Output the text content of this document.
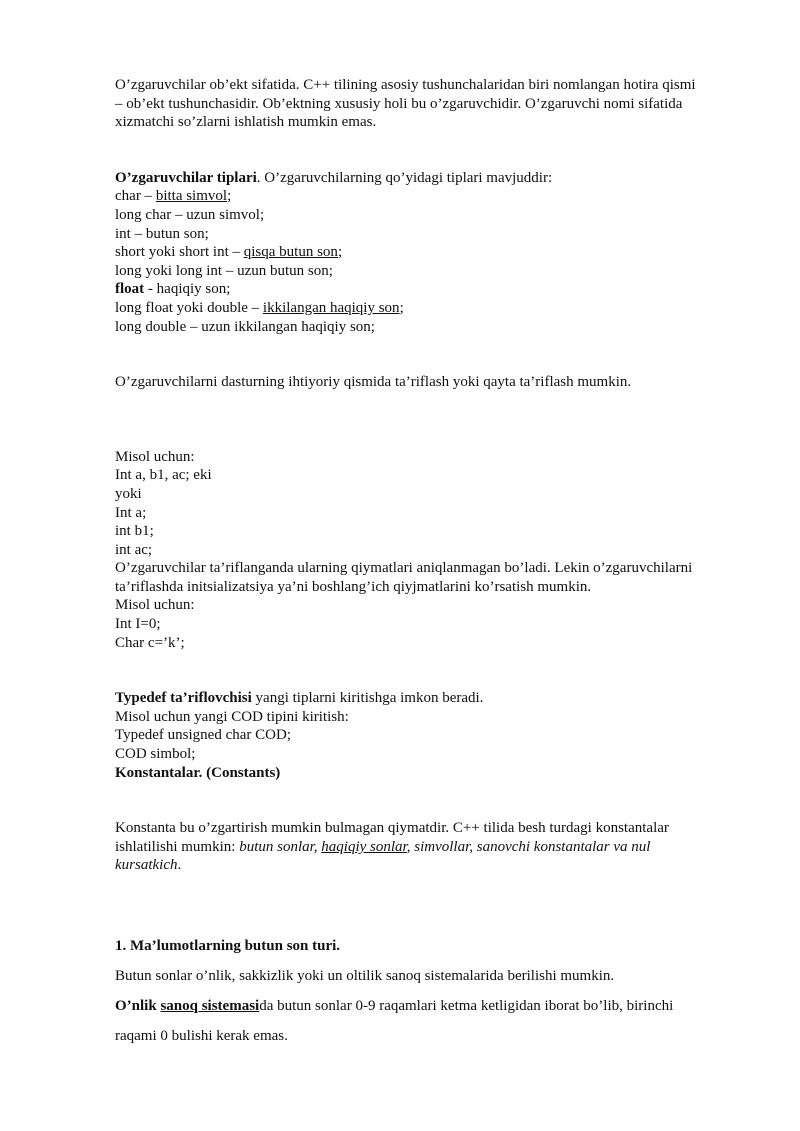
O’zgaruvchilar ob’ekt sifatida. C++ tilining asosiy tushunchalaridan biri nomlangan hotira qismi
– ob’ekt tushunchasidir. Ob’ektning xususiy holi bu o’zgaruvchidir. O’zgaruvchi nomi sifatida
xizmatchi so’zlarni ishlatish mumkin emas.
O’zgaruvchilar tiplari. O’zgaruvchilarning qo’yidagi tiplari mavjuddir:
char – bitta simvol;
long char – uzun simvol;
int – butun son;
short yoki short int – qisqa butun son;
long yoki long int – uzun butun son;
float - haqiqiy son;
long float yoki double – ikkilangan haqiqiy son;
long double – uzun ikkilangan haqiqiy son;
O’zgaruvchilarni dasturning ihtiyoriy qismida ta’riflash yoki qayta ta’riflash mumkin.
Misol uchun:
Int a, b1, ac; eki
yoki
Int a;
int b1;
int ac;
O’zgaruvchilar ta’riflanganda ularning qiymatlari aniqlanmagan bo’ladi. Lekin o’zgaruvchilarni
ta’riflashda initsializatsiya ya’ni boshlang’ich qiyjmatlarini ko’rsatish mumkin.
Misol uchun:
Int I=0;
Char c=’k’;
Typedef ta’riflovchisi yangi tiplarni kiritishga imkon beradi.
Misol uchun yangi COD tipini kiritish:
Typedef unsigned char COD;
COD simbol;
Konstantalar. (Constants)
Konstanta bu o’zgartirish mumkin bulmagan qiymatdir. C++ tilida besh turdagi konstantalar
ishlatilishi mumkin: butun sonlar, haqiqiy sonlar, simvollar, sanovchi konstantalar va nul
kursatkich.
1. Ma’lumotlarning butun son turi.
Butun sonlar o’nlik, sakkizlik yoki un oltilik sanoq sistemalarida berilishi mumkin.
O’nlik sanoq sistemasida butun sonlar 0-9 raqamlari ketma ketligidan iborat bo’lib, birinchi
raqami 0 bulishi kerak emas.
